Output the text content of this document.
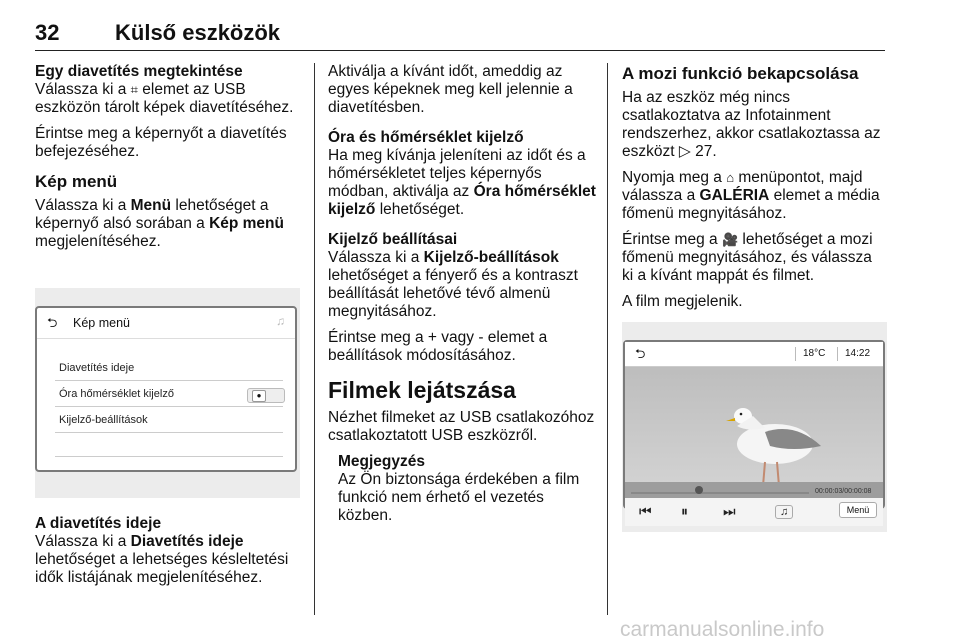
32	Külső eszközök
Egy diavetítés megtekintése

Válassza ki a ⌗ elemet az USB eszközön tárolt képek diavetítéséhez.

Érintse meg a képernyőt a diavetítés befejezéséhez.

Kép menü

Válassza ki a Menü lehetőséget a képernyő alsó sorában a Kép menü megjelenítéséhez.

⮌ Kép menü	♫
Diavetítés ideje
Óra hőmérséklet kijelző	●
Kijelző-beállítások
A diavetítés ideje

Válassza ki a Diavetítés ideje lehetőséget a lehetséges késleltetési idők listájának megjelenítéséhez.

Aktiválja a kívánt időt, ameddig az egyes képeknek meg kell jelennie a diavetítésben.

Óra és hőmérséklet kijelző

Ha meg kívánja jeleníteni az időt és a hőmérsékletet teljes képernyős módban, aktiválja az Óra hőmérséklet kijelző lehetőséget.

Kijelző beállításai

Válassza ki a Kijelző-beállítások lehetőséget a fényerő és a kontraszt beállítását lehetővé tévő almenü megnyitásához.

Érintse meg a + vagy - elemet a beállítások módosításához.

Filmek lejátszása

Nézhet filmeket az USB csatlakozóhoz csatlakoztatott USB eszközről.

Megjegyzés
Az Ön biztonsága érdekében a film funkció nem érhető el vezetés közben.
A mozi funkció bekapcsolása

Ha az eszköz még nincs csatlakoztatva az Infotainment rendszerhez, akkor csatlakoztassa az eszközt ▷ 27.

Nyomja meg a ⌂ menüpontot, majd válassza a GALÉRIA elemet a média főmenü megnyitásához.

Érintse meg a 🎥 lehetőséget a mozi főmenü megnyitásához, és válassza ki a kívánt mappát és filmet.

A film megjelenik.

⮌	18°C 14:22
00:00:03/00:00:08
⏮ ⏸	⏭	♫	Menü
carmanualsonline.info
